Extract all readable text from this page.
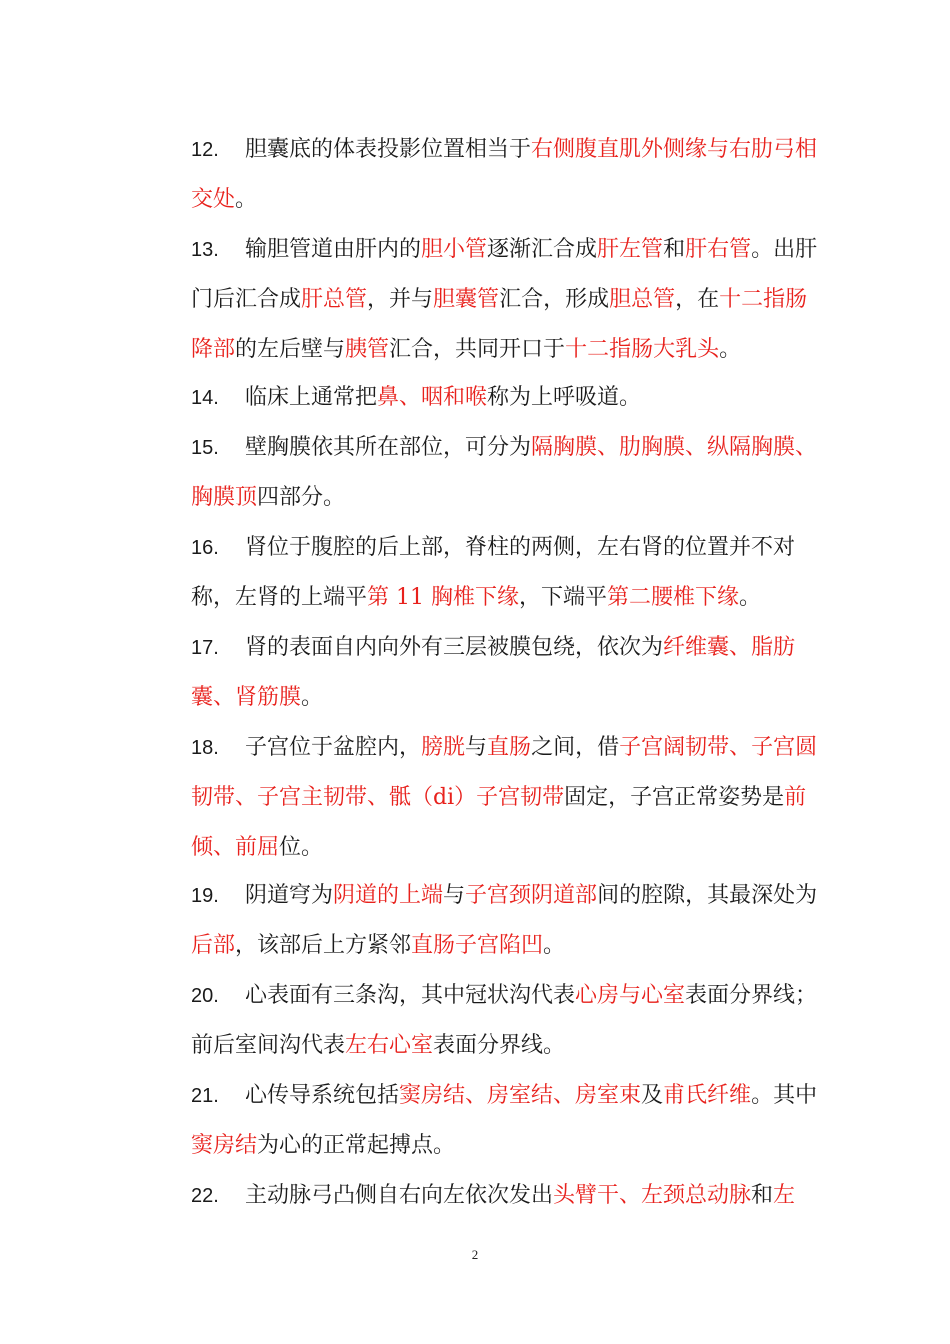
12. 胆囊底的体表投影位置相当于右侧腹直肌外侧缘与右肋弓相交处。
13. 输胆管道由肝内的胆小管逐渐汇合成肝左管和肝右管。出肝门后汇合成肝总管，并与胆囊管汇合，形成胆总管，在十二指肠降部的左后壁与胰管汇合，共同开口于十二指肠大乳头。
14. 临床上通常把鼻、咽和喉称为上呼吸道。
15. 壁胸膜依其所在部位，可分为隔胸膜、肋胸膜、纵隔胸膜、胸膜顶四部分。
16. 肾位于腹腔的后上部，脊柱的两侧，左右肾的位置并不对称，左肾的上端平第 11 胸椎下缘，下端平第二腰椎下缘。
17. 肾的表面自内向外有三层被膜包绕，依次为纤维囊、脂肪囊、肾筋膜。
18. 子宫位于盆腔内，膀胱与直肠之间，借子宫阔韧带、子宫圆韧带、子宫主韧带、骶（di）子宫韧带固定，子宫正常姿势是前倾、前屈位。
19. 阴道穹为阴道的上端与子宫颈阴道部间的腔隙，其最深处为后部，该部后上方紧邻直肠子宫陷凹。
20. 心表面有三条沟，其中冠状沟代表心房与心室表面分界线；前后室间沟代表左右心室表面分界线。
21. 心传导系统包括窦房结、房室结、房室束及甫氏纤维。其中窦房结为心的正常起搏点。
22. 主动脉弓凸侧自右向左依次发出头臂干、左颈总动脉和左
2
